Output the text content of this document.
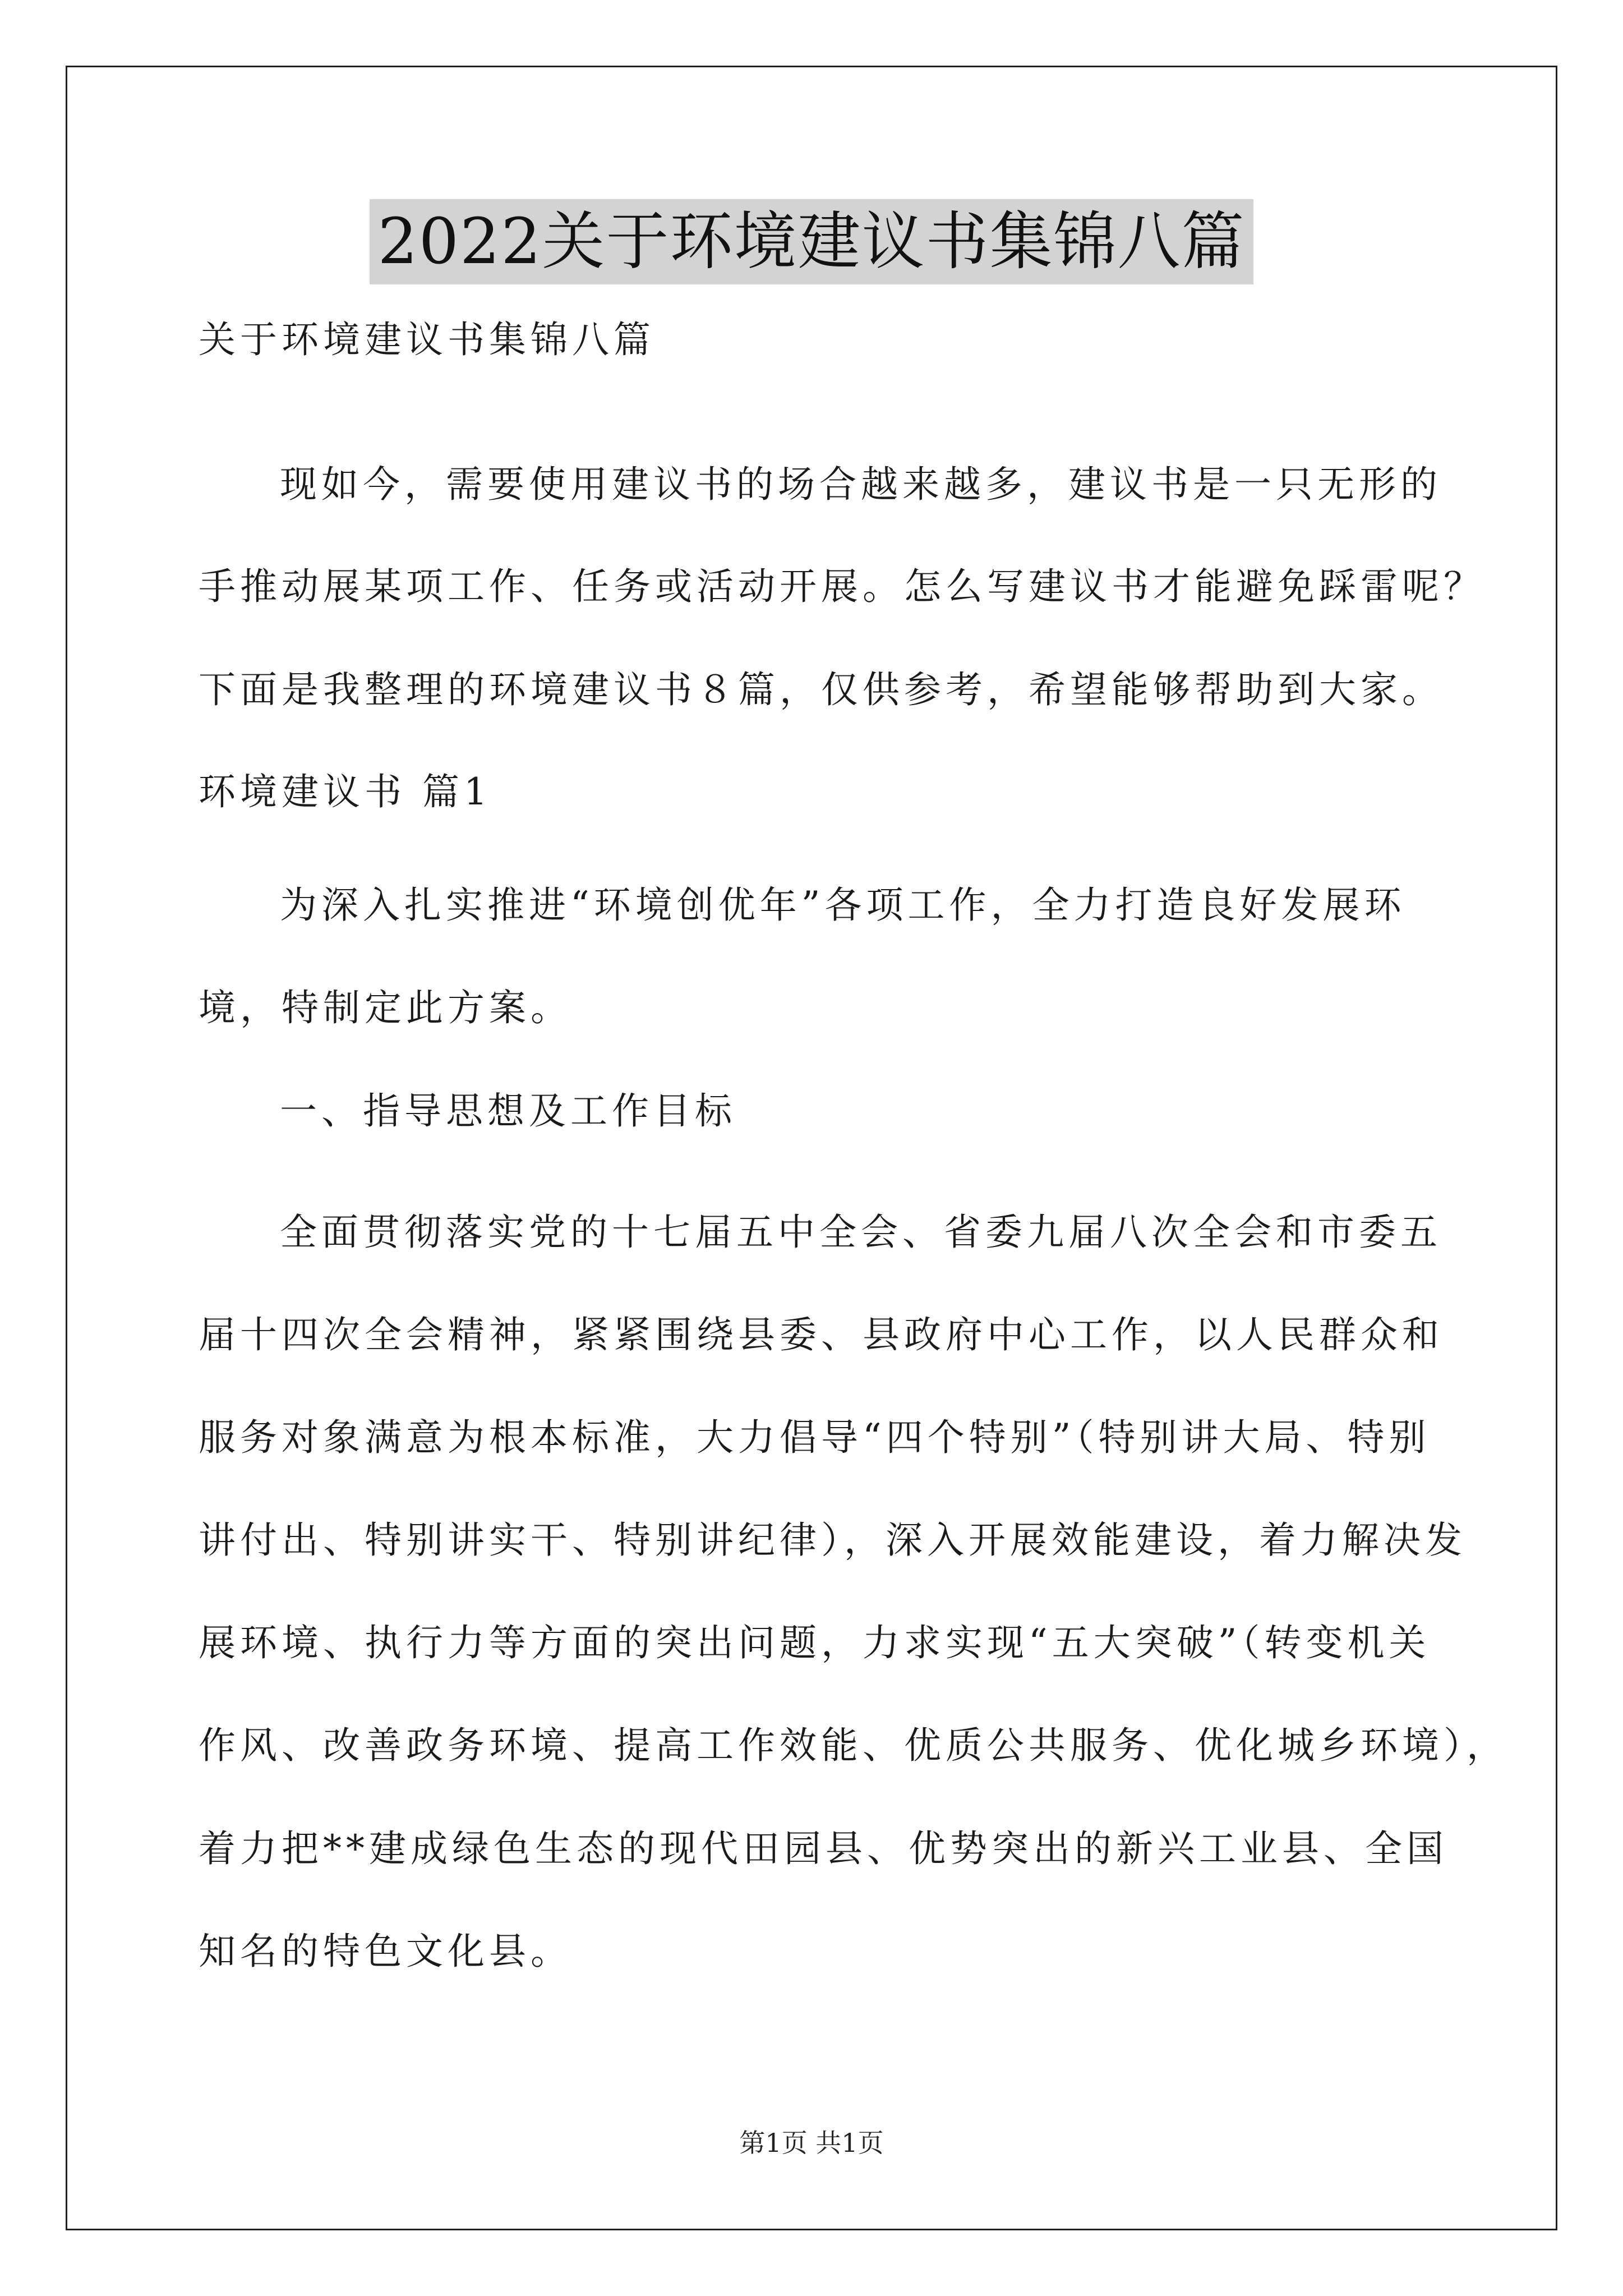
2022关于环境建议书集锦八篇

关于环境建议书集锦八篇

现如今，需要使用建议书的场合越来越多，建议书是一只无形的

手推动展某项工作、任务或活动开展。怎么写建议书才能避免踩雷呢？

下面是我整理的环境建议书８篇，仅供参考，希望能够帮助到大家。

环境建议书 篇1

为深入扎实推进“环境创优年”各项工作，全力打造良好发展环

境，特制定此方案。

一、指导思想及工作目标

全面贯彻落实党的十七届五中全会、省委九届八次全会和市委五

届十四次全会精神，紧紧围绕县委、县政府中心工作，以人民群众和

服务对象满意为根本标准，大力倡导“四个特别”（特别讲大局、特别

讲付出、特别讲实干、特别讲纪律），深入开展效能建设，着力解决发

展环境、执行力等方面的突出问题，力求实现“五大突破”（转变机关

作风、改善政务环境、提高工作效能、优质公共服务、优化城乡环境），

着力把**建成绿色生态的现代田园县、优势突出的新兴工业县、全国

知名的特色文化县。

第1页 共1页
